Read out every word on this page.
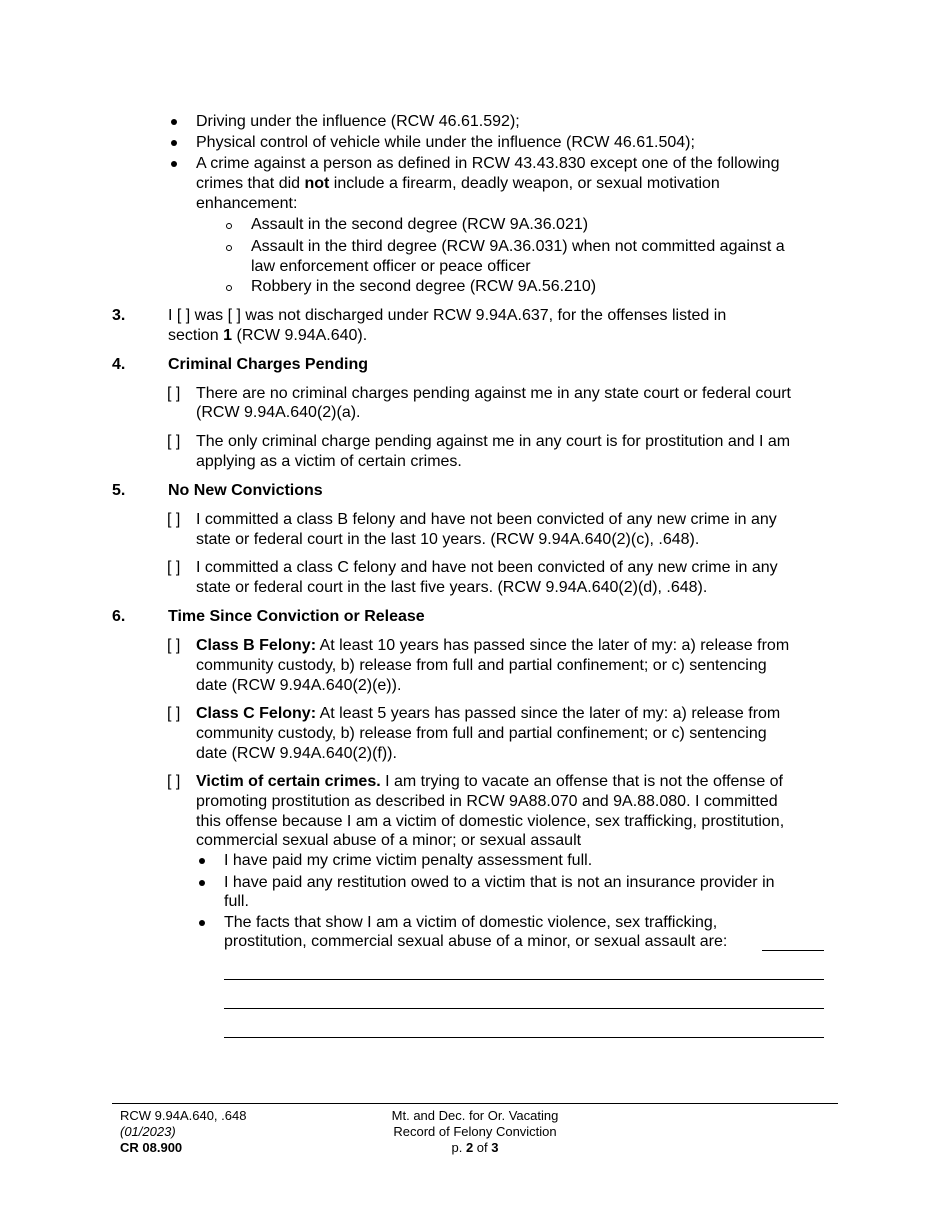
Driving under the influence (RCW 46.61.592);
Physical control of vehicle while under the influence (RCW 46.61.504);
A crime against a person as defined in RCW 43.43.830 except one of the following
crimes that did not include a firearm, deadly weapon, or sexual motivation
enhancement:
Assault in the second degree (RCW 9A.36.021)
Assault in the third degree (RCW 9A.36.031) when not committed against a
law enforcement officer or peace officer
Robbery in the second degree (RCW 9A.56.210)
3.	I [ ] was [ ] was not discharged under RCW 9.94A.637, for the offenses listed in
section 1 (RCW 9.94A.640).
4.	Criminal Charges Pending
[ ] There are no criminal charges pending against me in any state court or federal court
(RCW 9.94A.640(2)(a).
[ ] The only criminal charge pending against me in any court is for prostitution and I am
applying as a victim of certain crimes.
5.	No New Convictions
[ ] I committed a class B felony and have not been convicted of any new crime in any
state or federal court in the last 10 years. (RCW 9.94A.640(2)(c), .648).
[ ] I committed a class C felony and have not been convicted of any new crime in any
state or federal court in the last five years. (RCW 9.94A.640(2)(d), .648).
6.	Time Since Conviction or Release
[ ] Class B Felony: At least 10 years has passed since the later of my: a) release from
community custody, b) release from full and partial confinement; or c) sentencing
date (RCW 9.94A.640(2)(e)).
[ ] Class C Felony: At least 5 years has passed since the later of my: a) release from
community custody, b) release from full and partial confinement; or c) sentencing
date (RCW 9.94A.640(2)(f)).
[ ] Victim of certain crimes. I am trying to vacate an offense that is not the offense of
promoting prostitution as described in RCW 9A88.070 and 9A.88.080. I committed
this offense because I am a victim of domestic violence, sex trafficking, prostitution,
commercial sexual abuse of a minor; or sexual assault
I have paid my crime victim penalty assessment full.
I have paid any restitution owed to a victim that is not an insurance provider in
full.
The facts that show I am a victim of domestic violence, sex trafficking,
prostitution, commercial sexual abuse of a minor, or sexual assault are:
RCW 9.94A.640, .648
(01/2023)
CR 08.900
Mt. and Dec. for Or. Vacating
Record of Felony Conviction
p. 2 of 3
